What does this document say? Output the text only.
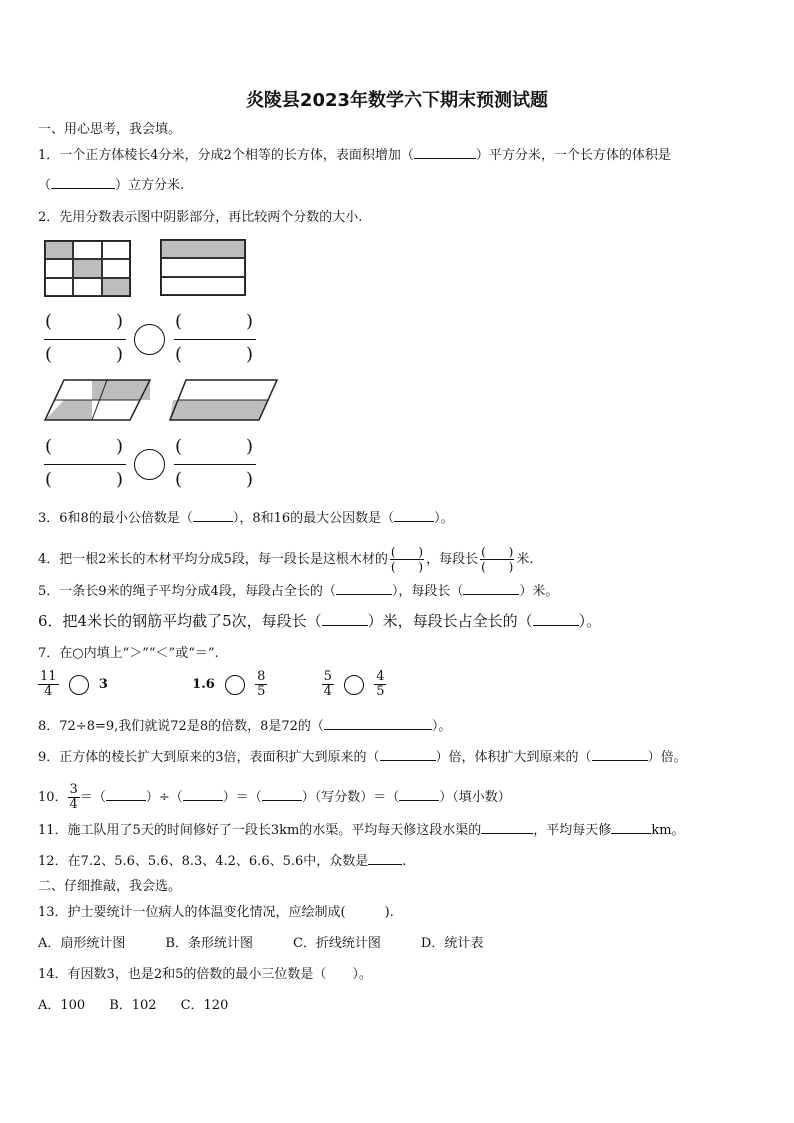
炎陵县2023年数学六下期末预测试题
一、用心思考，我会填。
1．一个正方体棱长4分米，分成2个相等的长方体，表面积增加（	）平方分米，一个长方体的体积是
（	）立方分米.
2．先用分数表示图中阴影部分，再比较两个分数的大小.
(	)
(	)
(	)
(	)
(	)
(	)
(	)
(	)
3．6和8的最小公倍数是（	），8和16的最大公因数是（	）。
4．把一根2米长的木材平均分成5段，每一段长是这根木材的 (      )
(      ) ，每段长 (      )
(      ) 米.
5．一条长9米的绳子平均分成4段，每段占全长的（	），每段长（	）米。
6．把4米长的钢筋平均截了5次，每段长（	）米，每段长占全长的（	）。
7．在○内填上“＞”“＜”或“＝”.
$\frac{11}{4}$	3	1.6	$\frac{8}{5}$
	$\frac{5}{4}$
	$\frac{4}{5}$
8．72÷8=9,我们就说72是8的倍数，8是72的（	）。
9．正方体的棱长扩大到原来的3倍，表面积扩大到原来的（	）倍，体积扩大到原来的（	）倍。
10． $\frac{3}{4}$ ＝（	）÷（	）＝（	）（写分数）＝（	）（填小数）
11．施工队用了5天的时间修好了一段长3km的水渠。平均每天修这段水渠的	，平均每天修	km。
12．在7.2、5.6、5.6、8.3、4.2、6.6、5.6中，众数是	.
二、仔细推敲，我会选。
13．护士要统计一位病人的体温变化情况，应绘制成(　　　).
A．扇形统计图	B．条形统计图	C．折线统计图	D．统计表
14．有因数3，也是2和5的倍数的最小三位数是（　　）。
A．100 B．102 C．120
